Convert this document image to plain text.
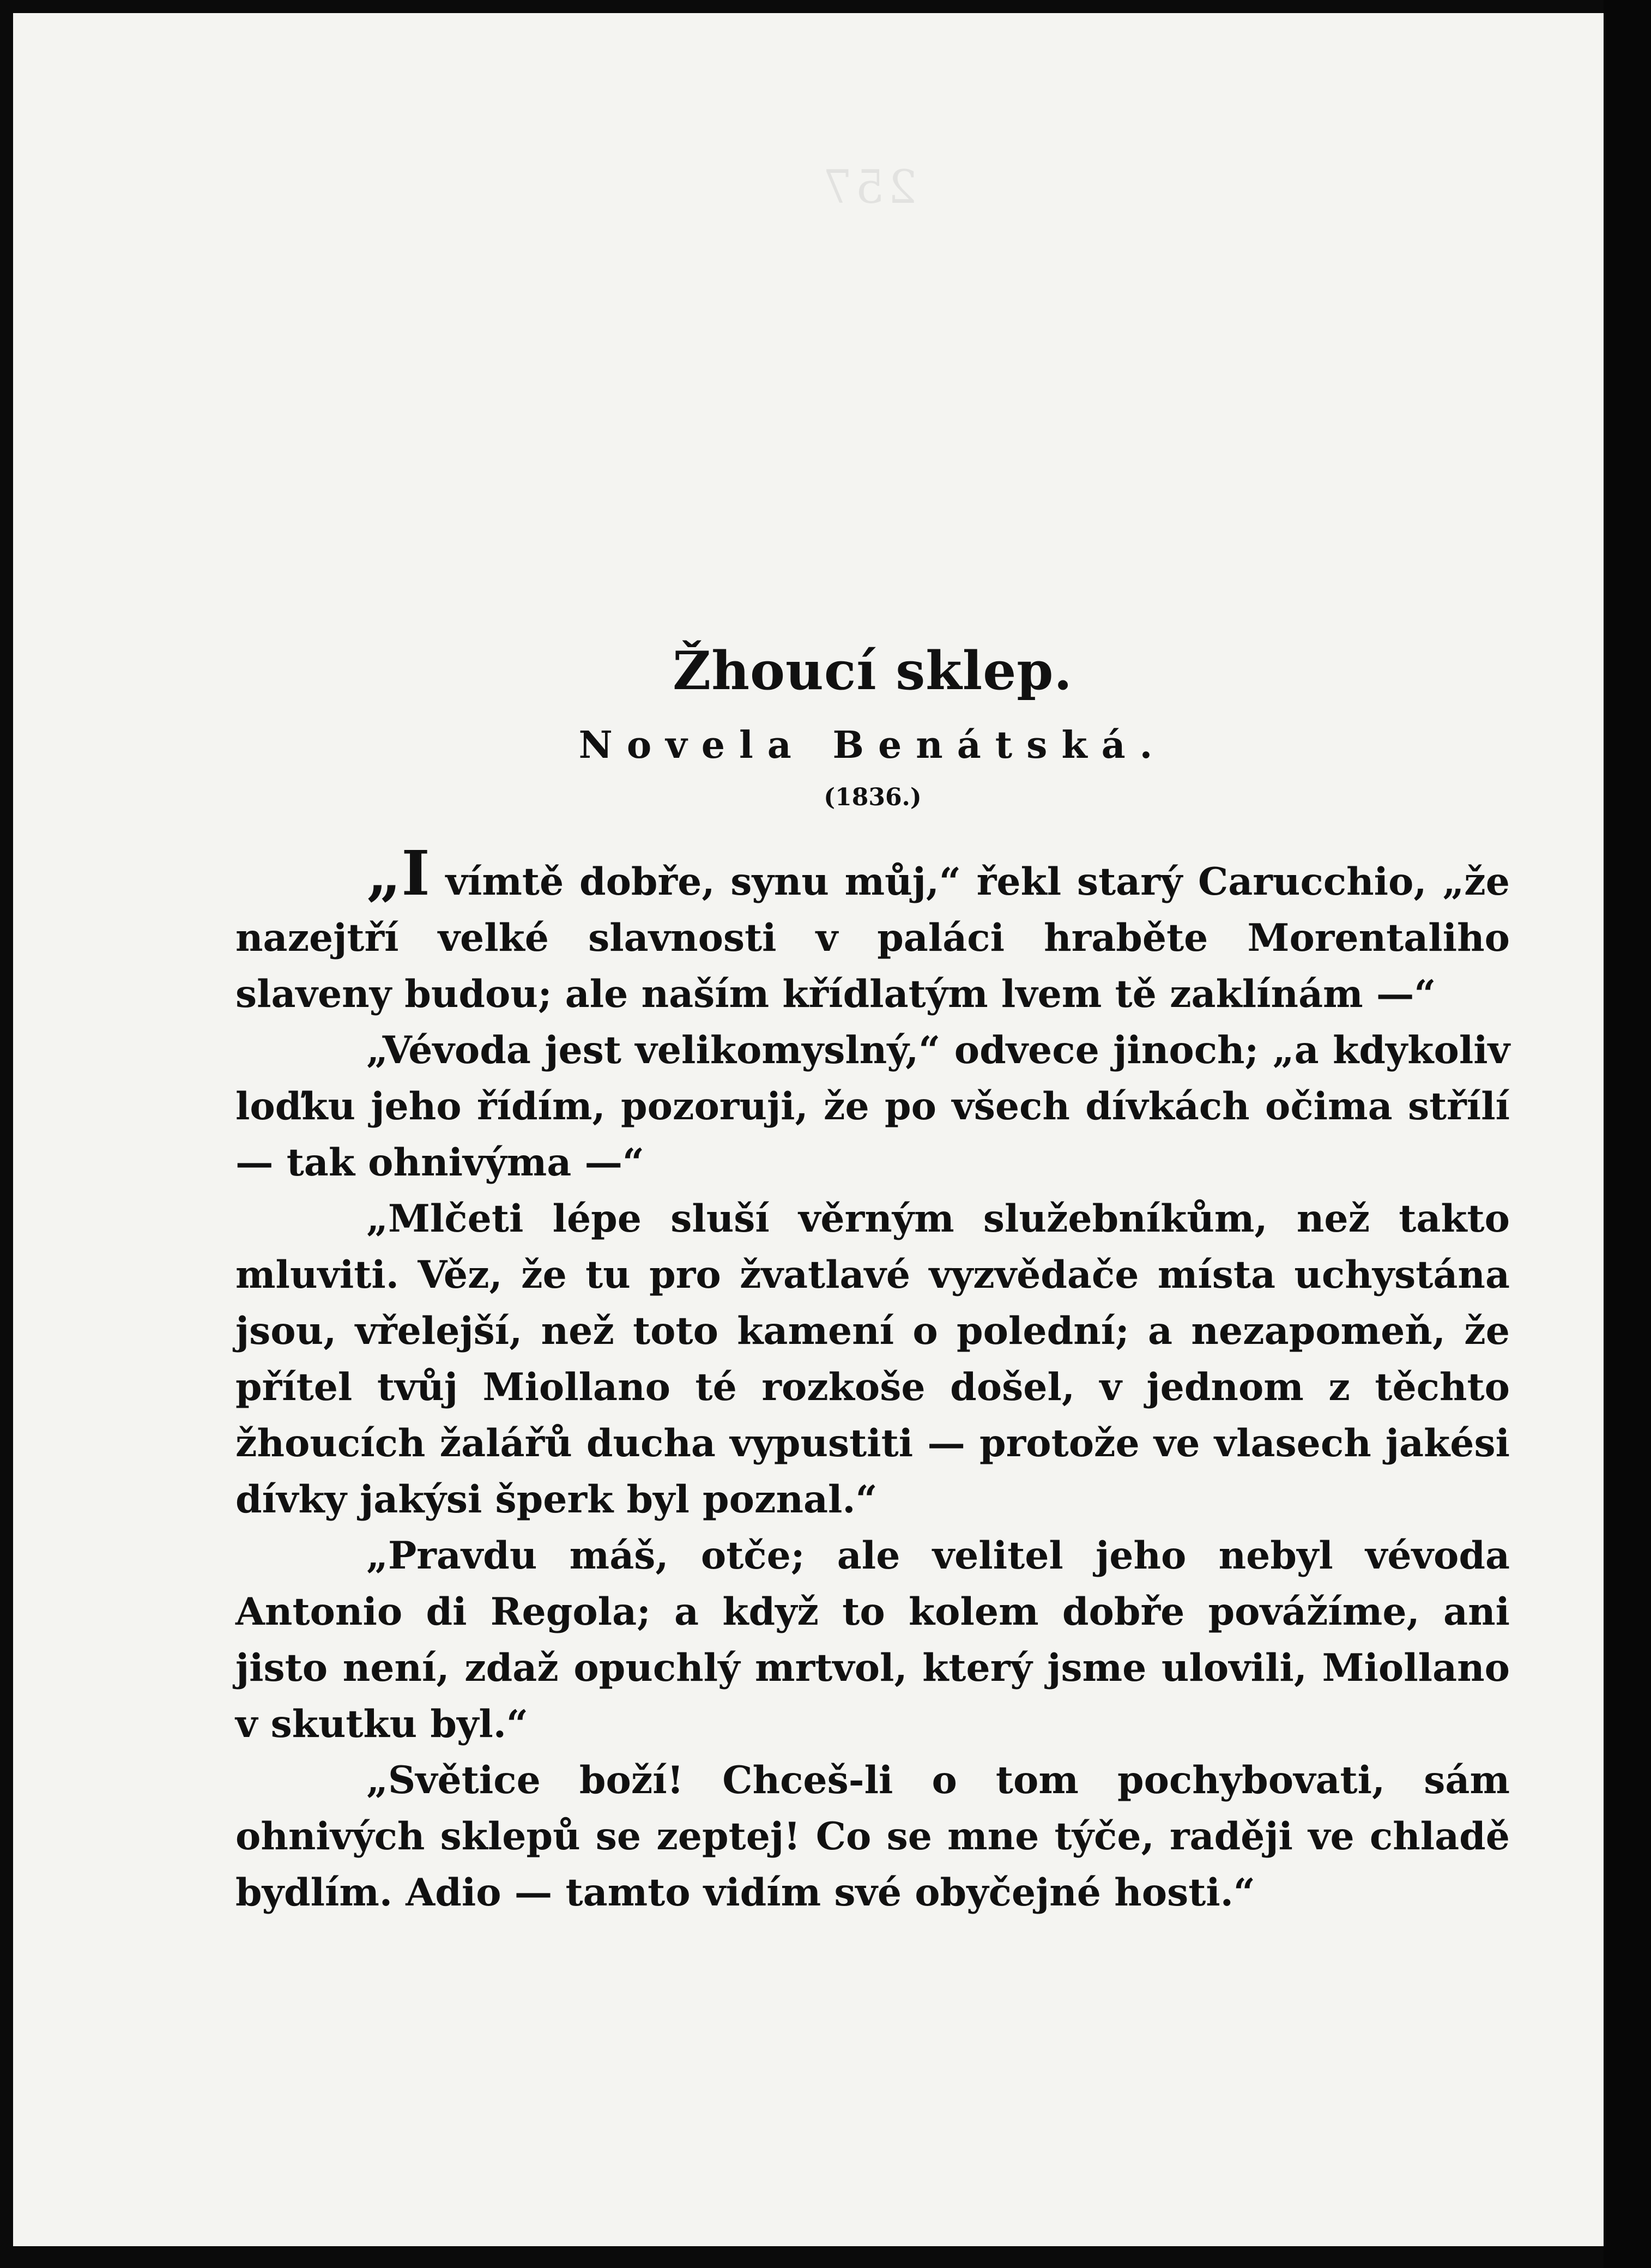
257
Žhoucí sklep.
Novela Benátská.
(1836.)

„I vímtě dobře, synu můj,“ řekl starý Carucchio, „že nazejtří velké slavnosti v paláci hraběte Morentaliho slaveny budou; ale naším křídlatým lvem tě zaklínám —“

„Vévoda jest velikomyslný,“ odvece jinoch; „a kdykoliv loďku jeho řídím, pozoruji, že po všech dívkách očima střílí — tak ohnivýma —“

„Mlčeti lépe sluší věrným služebníkům, než takto mluviti. Věz, že tu pro žvatlavé vyzvědače místa uchystána jsou, vřelejší, než toto kamení o polední; a nezapomeň, že přítel tvůj Miollano té rozkoše došel, v jednom z těchto žhoucích žalářů ducha vypustiti — protože ve vlasech jakési dívky jakýsi šperk byl poznal.“

„Pravdu máš, otče; ale velitel jeho nebyl vévoda Antonio di Regola; a když to kolem dobře povážíme, ani jisto není, zdaž opuchlý mrtvol, který jsme ulovili, Miollano v skutku byl.“

„Světice boží! Chceš-li o tom pochybovati, sám ohnivých sklepů se zeptej! Co se mne týče, raději ve chladě bydlím. Adio — tamto vidím své obyčejné hosti.“
